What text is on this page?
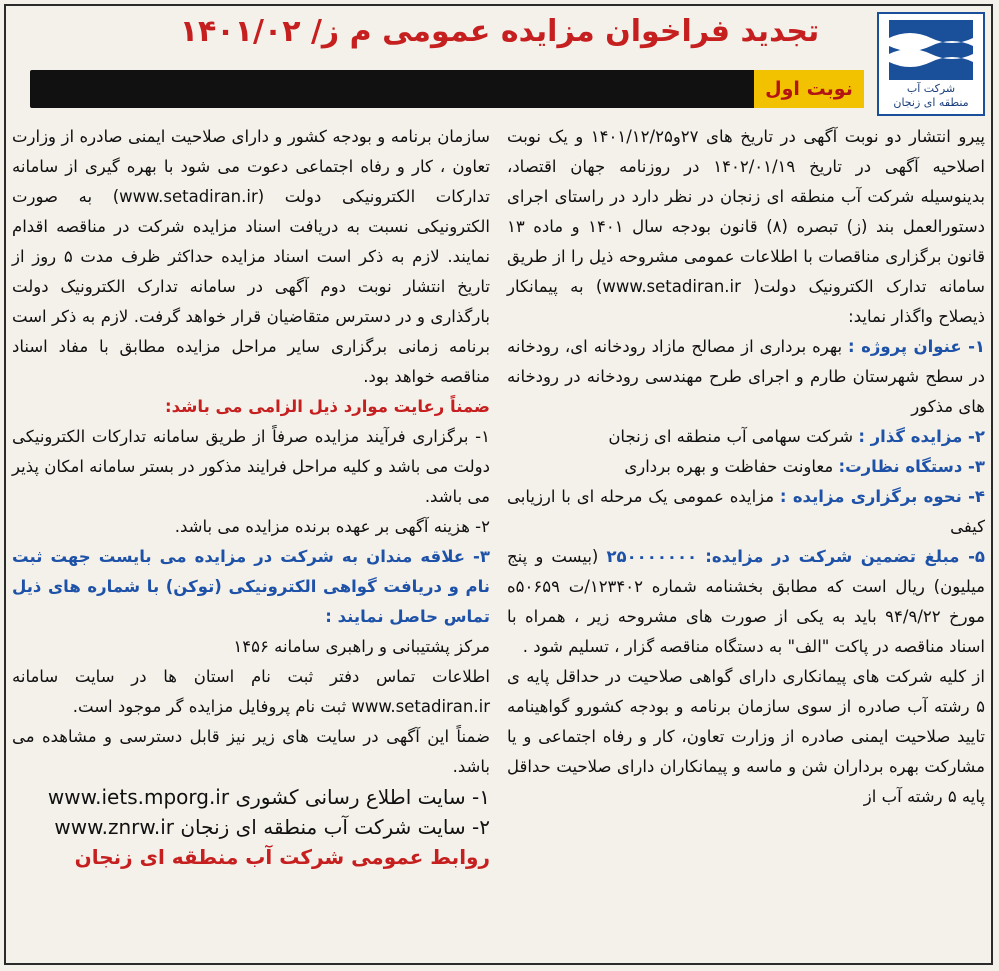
شرکت آب
منطقه ای زنجان
تجدید فراخوان مزایده عمومی م ز/ ۱۴۰۱/۰۲
نوبت اول

پیرو انتشار دو نوبت آگهی در تاریخ های ۲۷و۱۴۰۱/۱۲/۲۵ و یک نوبت اصلاحیه آگهی در تاریخ ۱۴۰۲/۰۱/۱۹ در روزنامه جهان اقتصاد، بدینوسیله شرکت آب منطقه ای زنجان در نظر دارد در راستای اجرای دستورالعمل بند (ز) تبصره (۸) قانون بودجه سال ۱۴۰۱ و ماده ۱۳ قانون برگزاری مناقصات با اطلاعات عمومی مشروحه ذیل را از طریق سامانه تدارک الکترونیک دولت( www.setadiran.ir) به پیمانکار ذیصلاح واگذار نماید:

۱- عنوان پروژه : بهره برداری از مصالح مازاد رودخانه ای، رودخانه در سطح شهرستان طارم و اجرای طرح مهندسی رودخانه در رودخانه های مذکور

۲- مزایده گذار : شرکت سهامی آب منطقه ای زنجان

۳- دستگاه نظارت: معاونت حفاظت و بهره برداری

۴- نحوه برگزاری مزایده : مزایده عمومی یک مرحله ای با ارزیابی کیفی

۵- مبلغ تضمین شرکت در مزایده: ۲۵۰۰۰۰۰۰۰ (بیست و پنج میلیون) ریال است که مطابق بخشنامه شماره ۱۲۳۴۰۲/ت ۵۰۶۵۹ه مورخ ۹۴/۹/۲۲ باید به یکی از صورت های مشروحه زیر ، همراه با اسناد مناقصه در پاکت "الف" به دستگاه مناقصه گزار ، تسلیم شود .

از کلیه شرکت های پیمانکاری دارای گواهی صلاحیت در حداقل پایه ی ۵ رشته آب صادره از سوی سازمان برنامه و بودجه کشورو گواهینامه تایید صلاحیت ایمنی صادره از وزارت تعاون، کار و رفاه اجتماعی و یا مشارکت بهره برداران شن و ماسه و پیمانکاران دارای صلاحیت حداقل پایه ۵ رشته آب از

سازمان برنامه و بودجه کشور و دارای صلاحیت ایمنی صادره از وزارت تعاون ، کار و رفاه اجتماعی دعوت می شود با بهره گیری از سامانه تدارکات الکترونیکی دولت (www.setadiran.ir) به صورت الکترونیکی نسبت به دریافت اسناد مزایده شرکت در مناقصه اقدام نمایند. لازم به ذکر است اسناد مزایده حداکثر ظرف مدت ۵ روز از تاریخ انتشار نوبت دوم آگهی در سامانه تدارک الکترونیک دولت بارگذاری و در دسترس متقاضیان قرار خواهد گرفت. لازم به ذکر است برنامه زمانی برگزاری سایر مراحل مزایده مطابق با مفاد اسناد مناقصه خواهد بود.

ضمناً رعایت موارد ذیل الزامی می باشد:

۱- برگزاری فرآیند مزایده صرفاً از طریق سامانه تدارکات الکترونیکی دولت می باشد و کلیه مراحل فرایند مذکور در بستر سامانه امکان پذیر می باشد.

۲- هزینه آگهی بر عهده برنده مزایده می باشد.

۳- علاقه مندان به شرکت در مزایده می بایست جهت ثبت نام و دریافت گواهی الکترونیکی (توکن) با شماره های ذیل تماس حاصل نمایند :

مرکز پشتیبانی و راهبری سامانه ۱۴۵۶

اطلاعات تماس دفتر ثبت نام استان ها در سایت سامانه www.setadiran.ir ثبت نام پروفایل مزایده گر موجود است.

ضمناً این آگهی در سایت های زیر نیز قابل دسترسی و مشاهده می باشد.

۱- سایت اطلاع رسانی کشوری www.iets.mporg.ir

۲- سایت شرکت آب منطقه ای زنجان www.znrw.ir

روابط عمومی شرکت آب منطقه ای زنجان
